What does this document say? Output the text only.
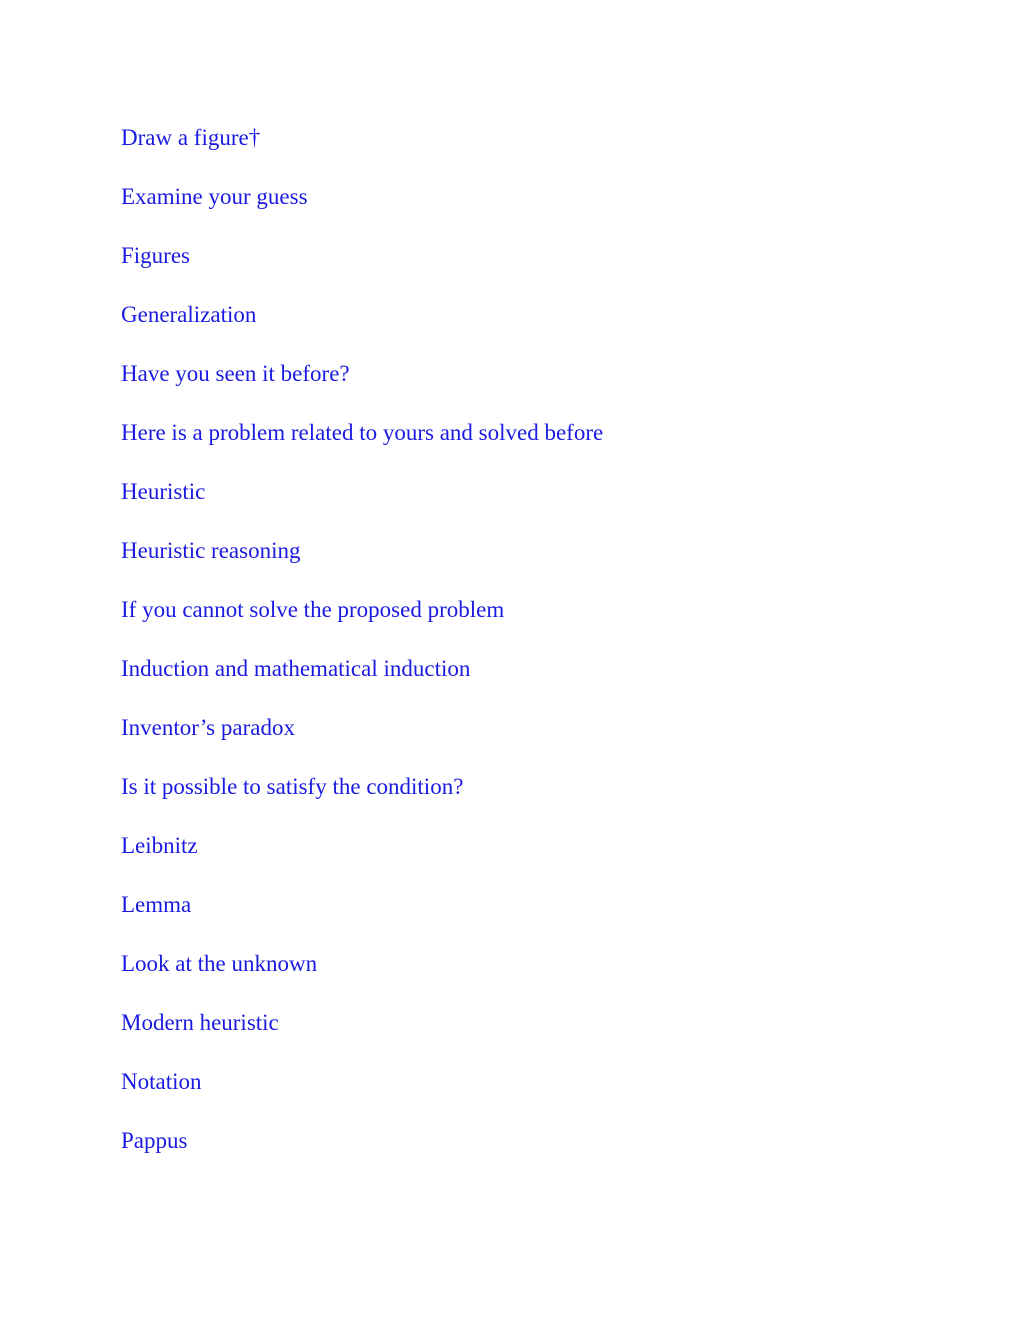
Draw a figure†
Examine your guess
Figures
Generalization
Have you seen it before?
Here is a problem related to yours and solved before
Heuristic
Heuristic reasoning
If you cannot solve the proposed problem
Induction and mathematical induction
Inventor’s paradox
Is it possible to satisfy the condition?
Leibnitz
Lemma
Look at the unknown
Modern heuristic
Notation
Pappus
